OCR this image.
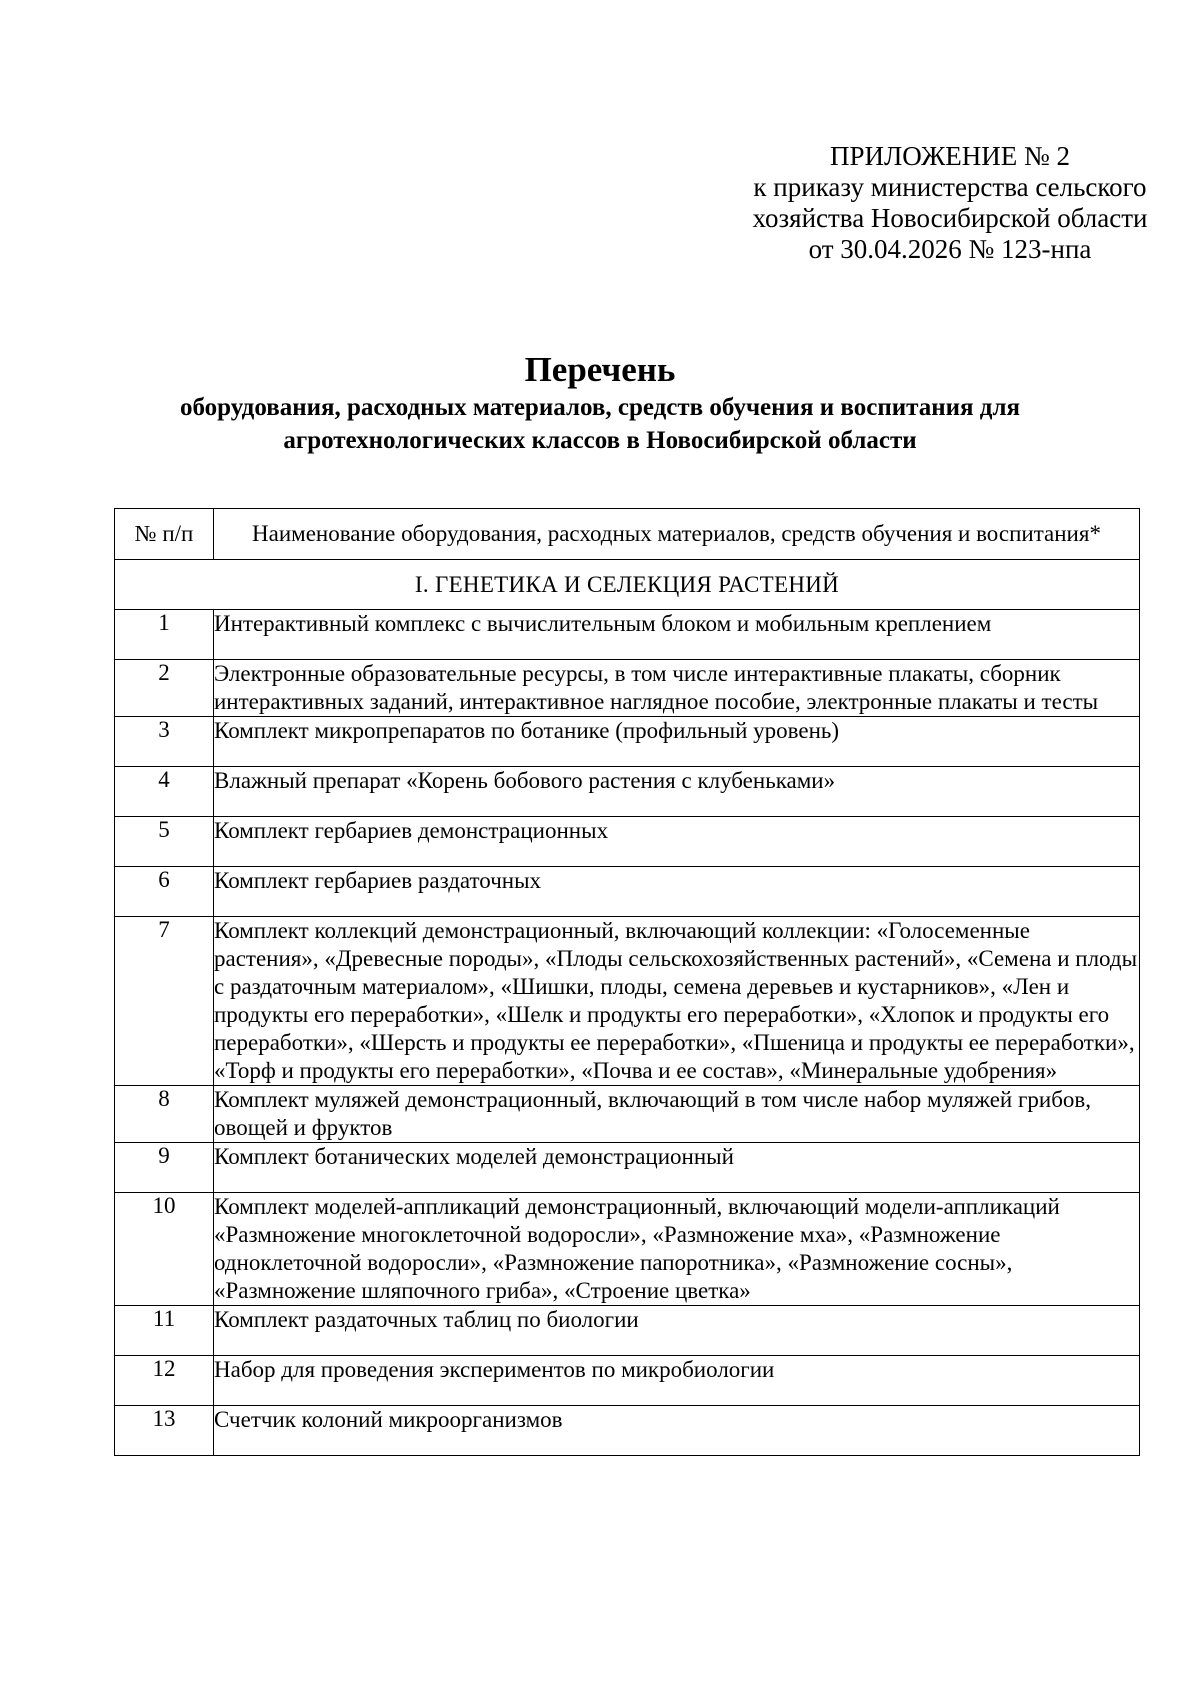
ПРИЛОЖЕНИЕ № 2
к приказу министерства сельского
хозяйства Новосибирской области
от 30.04.2026 № 123-нпа
Перечень
оборудования, расходных материалов, средств обучения и воспитания для
агротехнологических классов в Новосибирской области
№ п/п	Наименование оборудования, расходных материалов, средств обучения и воспитания*
I. ГЕНЕТИКА И СЕЛЕКЦИЯ РАСТЕНИЙ	
1	Интерактивный комплекс с вычислительным блоком и мобильным креплением
2	Электронные образовательные ресурсы, в том числе интерактивные плакаты, сборник интерактивных заданий, интерактивное наглядное пособие, электронные плакаты и тесты
3	Комплект микропрепаратов по ботанике (профильный уровень)
4	Влажный препарат «Корень бобового растения с клубеньками»
5	Комплект гербариев демонстрационных
6	Комплект гербариев раздаточных
7	Комплект коллекций демонстрационный, включающий коллекции: «Голосеменные растения», «Древесные породы», «Плоды сельскохозяйственных растений», «Семена и плоды с раздаточным материалом», «Шишки, плоды, семена деревьев и кустарников», «Лен и продукты его переработки», «Шелк и продукты его переработки», «Хлопок и продукты его переработки», «Шерсть и продукты ее переработки», «Пшеница и продукты ее переработки», «Торф и продукты его переработки», «Почва и ее состав», «Минеральные удобрения»
8	Комплект муляжей демонстрационный, включающий в том числе набор муляжей грибов, овощей и фруктов
9	Комплект ботанических моделей демонстрационный
10	Комплект моделей-аппликаций демонстрационный, включающий модели-аппликаций «Размножение многоклеточной водоросли», «Размножение мха», «Размножение одноклеточной водоросли», «Размножение папоротника», «Размножение сосны», «Размножение шляпочного гриба», «Строение цветка»
11	Комплект раздаточных таблиц по биологии
12	Набор для проведения экспериментов по микробиологии
13	Счетчик колоний микроорганизмов
